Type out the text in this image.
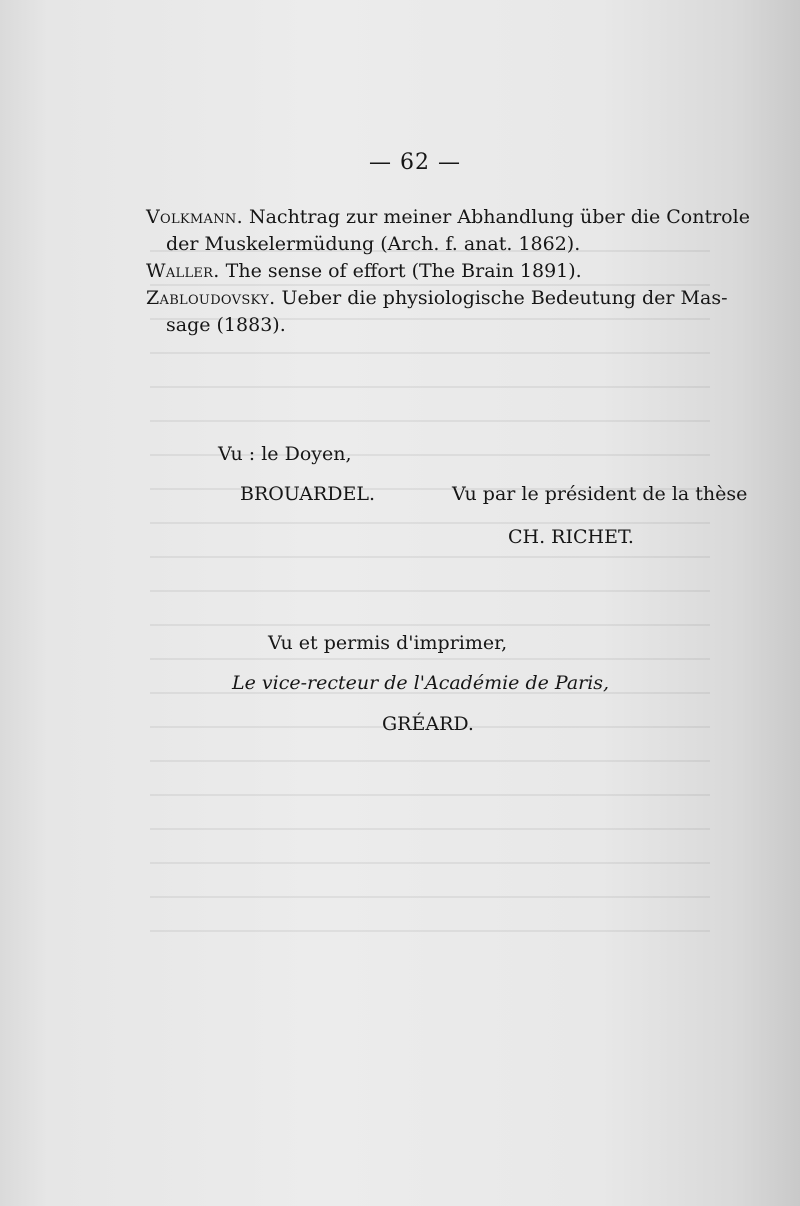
— 62 —
Volkmann. Nachtrag zur meiner Abhandlung über die Controle
der Muskelermüdung (Arch. f. anat. 1862).
Waller. The sense of effort (The Brain 1891).
Zabloudovsky. Ueber die physiologische Bedeutung der Mas-
sage (1883).
Vu : le Doyen,
BROUARDEL.	Vu par le président de la thèse
CH. RICHET.
Vu et permis d'imprimer,
Le vice-recteur de l'Académie de Paris,
GRÉARD.
